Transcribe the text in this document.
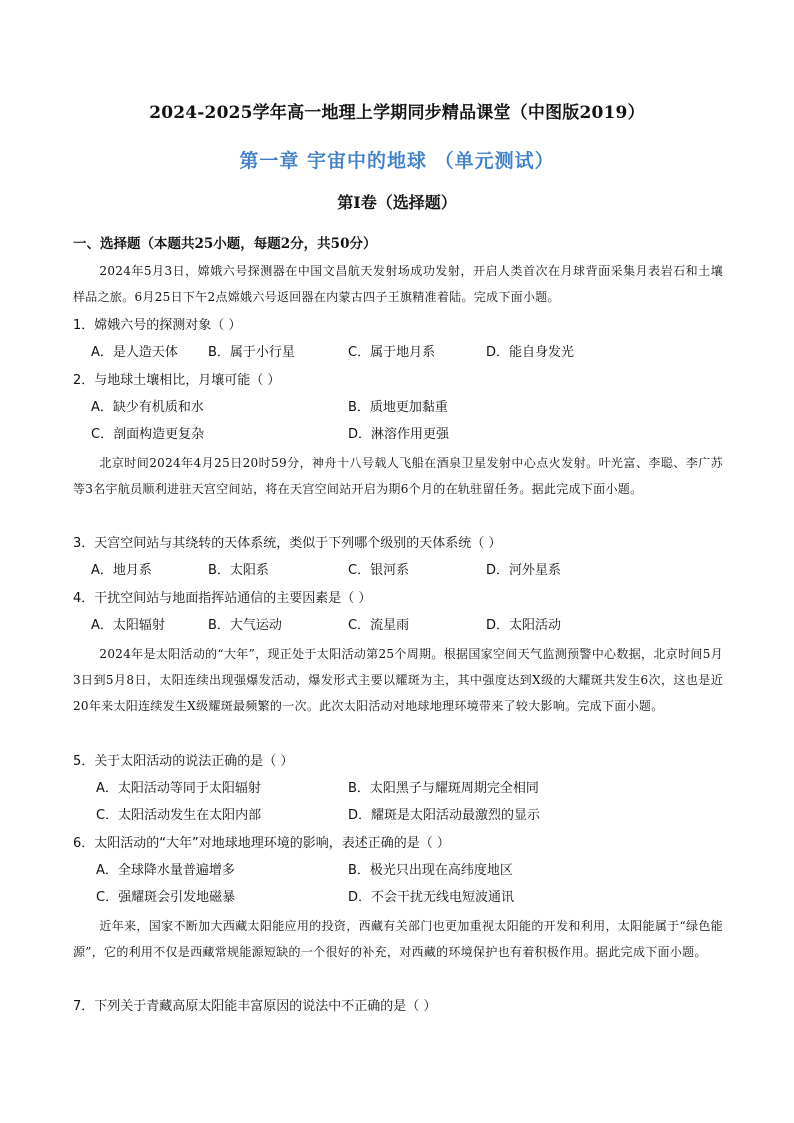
2024-2025学年高一地理上学期同步精品课堂（中图版2019）
第一章 宇宙中的地球 （单元测试）
第I卷（选择题）
一、选择题（本题共25小题，每题2分，共50分）
2024年5月3日，嫦娥六号探测器在中国文昌航天发射场成功发射，开启人类首次在月球背面采集月表岩石和土壤样品之旅。6月25日下午2点嫦娥六号返回器在内蒙古四子王旗精准着陆。完成下面小题。
1．嫦娥六号的探测对象（ ）
A．是人造天体 B．属于小行星	C．属于地月系	D．能自身发光
2．与地球土壤相比，月壤可能（ ）
A．缺少有机质和水	B．质地更加黏重
C．剖面构造更复杂	D．淋溶作用更强
北京时间2024年4月25日20时59分，神舟十八号载人飞船在酒泉卫星发射中心点火发射。叶光富、李聪、李广苏等3名宇航员顺利进驻天宫空间站，将在天宫空间站开启为期6个月的在轨驻留任务。据此完成下面小题。
3．天宫空间站与其绕转的天体系统，类似于下列哪个级别的天体系统（ ）
A．地月系	B．太阳系	C．银河系	D．河外星系
4．干扰空间站与地面指挥站通信的主要因素是（ ）
A．太阳辐射	B．大气运动	C．流星雨	D．太阳活动
2024年是太阳活动的“大年”，现正处于太阳活动第25个周期。根据国家空间天气监测预警中心数据，北京时间5月3日到5月8日，太阳连续出现强爆发活动，爆发形式主要以耀斑为主，其中强度达到X级的大耀斑共发生6次，这也是近20年来太阳连续发生X级耀斑最频繁的一次。此次太阳活动对地球地理环境带来了较大影响。完成下面小题。
5．关于太阳活动的说法正确的是（ ）
A．太阳活动等同于太阳辐射	B．太阳黑子与耀斑周期完全相同
C．太阳活动发生在太阳内部	D．耀斑是太阳活动最激烈的显示
6．太阳活动的“大年”对地球地理环境的影响，表述正确的是（ ）
A．全球降水量普遍增多	B．极光只出现在高纬度地区
C．强耀斑会引发地磁暴	D．不会干扰无线电短波通讯
近年来，国家不断加大西藏太阳能应用的投资，西藏有关部门也更加重视太阳能的开发和利用，太阳能属于“绿色能源”，它的利用不仅是西藏常规能源短缺的一个很好的补充，对西藏的环境保护也有着积极作用。据此完成下面小题。
7．下列关于青藏高原太阳能丰富原因的说法中不正确的是（ ）
